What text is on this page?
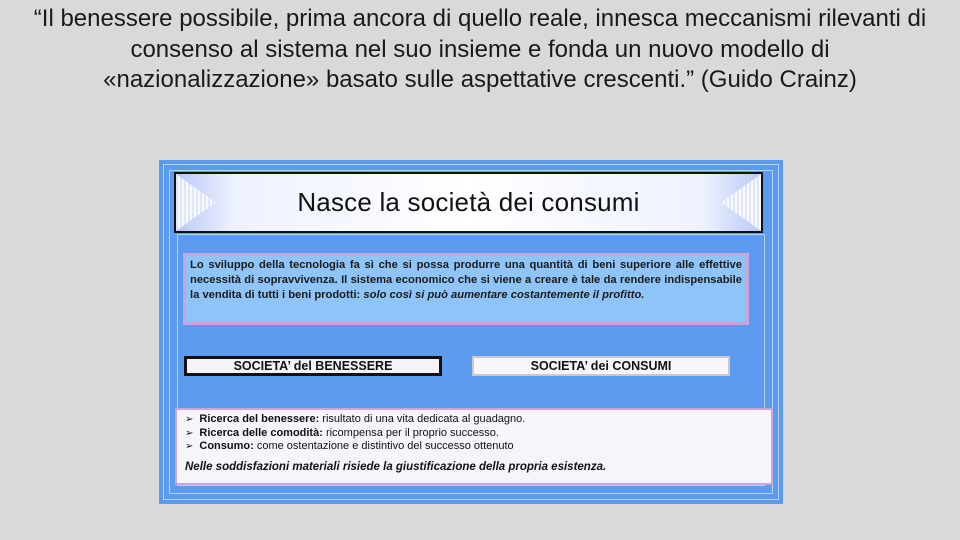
“Il benessere possibile, prima ancora di quello reale, innesca meccanismi rilevanti di consenso al sistema nel suo insieme e fonda un nuovo modello di «nazionalizzazione» basato sulle aspettative crescenti.” (Guido Crainz)

Nasce la società dei consumi
Lo sviluppo della tecnologia fa sì che si possa produrre una quantità di beni superiore alle effettive necessità di sopravvivenza. Il sistema economico che si viene a creare è tale da rendere indispensabile la vendita di tutti i beni prodotti: solo così si può aumentare costantemente il profitto.
SOCIETA’ del BENESSERE	SOCIETA’ dei CONSUMI
➢ Ricerca del benessere: risultato di una vita dedicata al guadagno.
➢ Ricerca delle comodità: ricompensa per il proprio successo.
➢ Consumo: come ostentazione e distintivo del successo ottenuto
Nelle soddisfazioni materiali risiede la giustificazione della propria esistenza.
